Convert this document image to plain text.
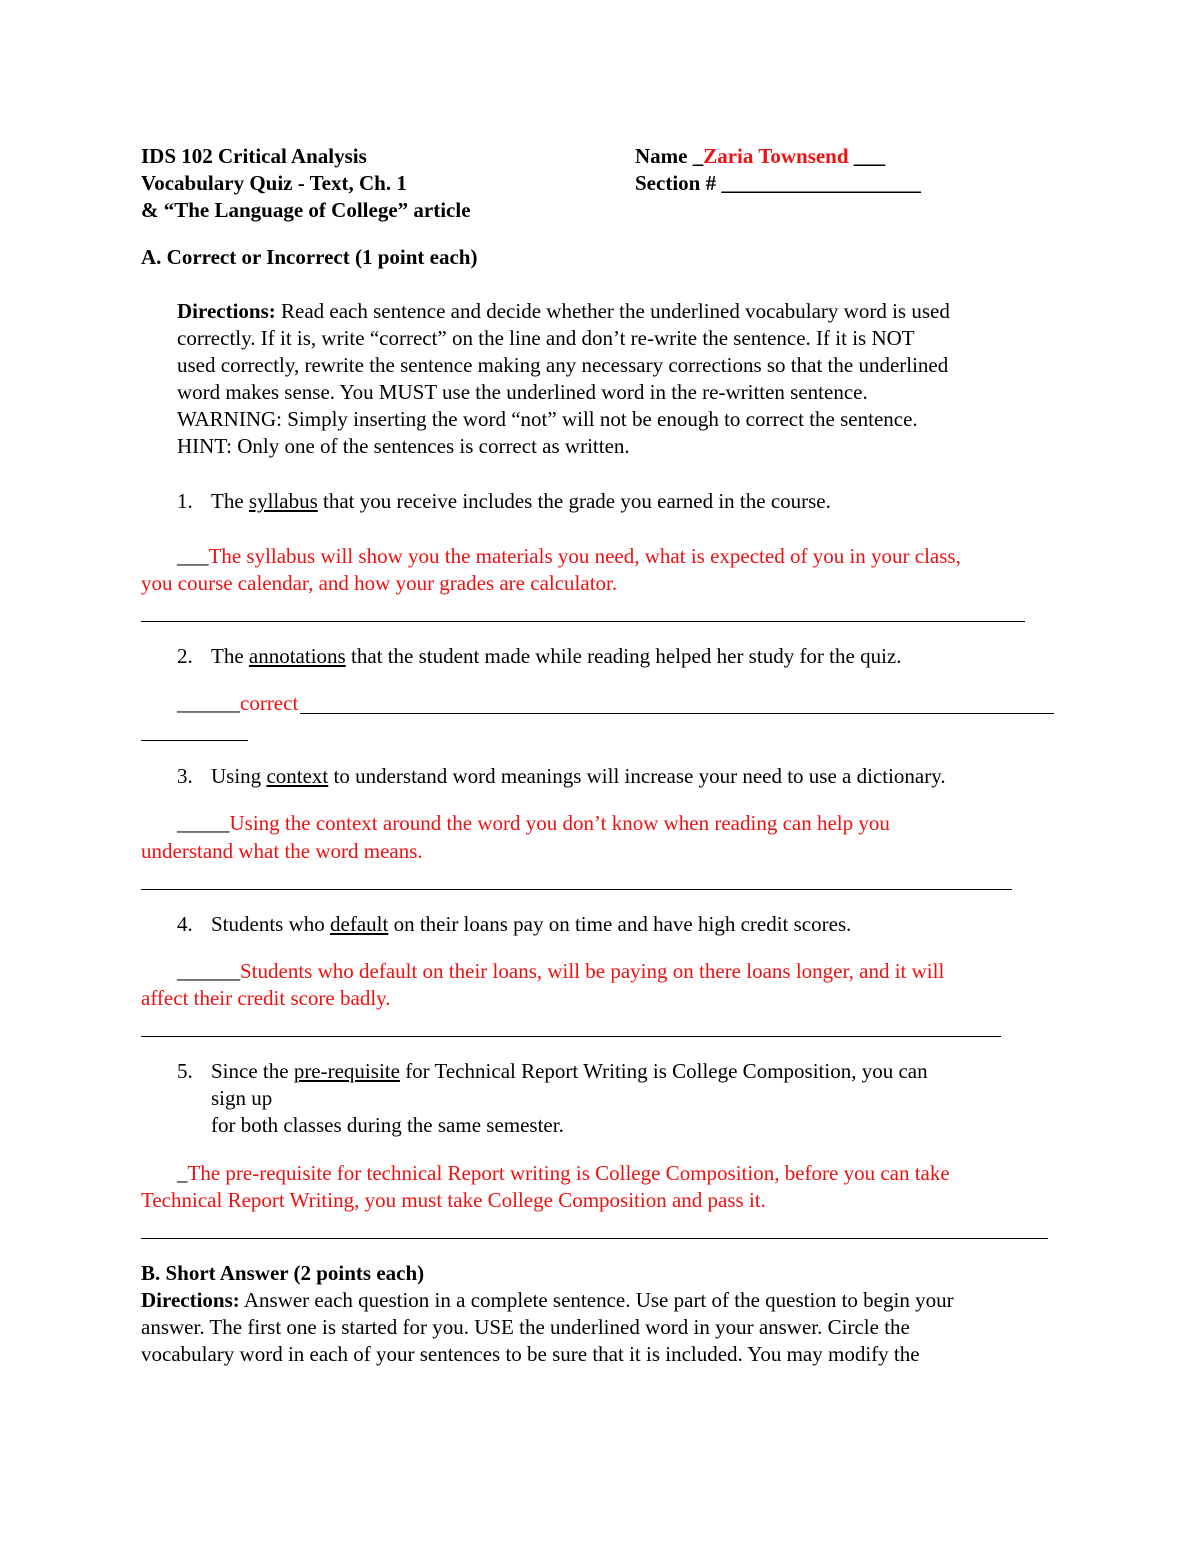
IDS 102 Critical Analysis
Vocabulary Quiz - Text, Ch. 1
& “The Language of College” article
Name _Zaria Townsend ___
Section # ___________________
A. Correct or Incorrect (1 point each)
Directions: Read each sentence and decide whether the underlined vocabulary word is used
correctly. If it is, write “correct” on the line and don’t re-write the sentence. If it is NOT
used correctly, rewrite the sentence making any necessary corrections so that the underlined
word makes sense. You MUST use the underlined word in the re-written sentence.
WARNING: Simply inserting the word “not” will not be enough to correct the sentence.
HINT: Only one of the sentences is correct as written.
1. The syllabus that you receive includes the grade you earned in the course.
___The syllabus will show you the materials you need, what is expected of you in your class,
you course calendar, and how your grades are calculator.
2. The annotations that the student made while reading helped her study for the quiz.
______correct
3. Using context to understand word meanings will increase your need to use a dictionary.
_____Using the context around the word you don’t know when reading can help you
understand what the word means.
4. Students who default on their loans pay on time and have high credit scores.
______Students who default on their loans, will be paying on there loans longer, and it will
affect their credit score badly.
5. Since the pre-requisite for Technical Report Writing is College Composition, you can
sign up
for both classes during the same semester.
_The pre-requisite for technical Report writing is College Composition, before you can take
Technical Report Writing, you must take College Composition and pass it.
B. Short Answer (2 points each)
Directions: Answer each question in a complete sentence. Use part of the question to begin your
answer. The first one is started for you. USE the underlined word in your answer. Circle the
vocabulary word in each of your sentences to be sure that it is included. You may modify the
